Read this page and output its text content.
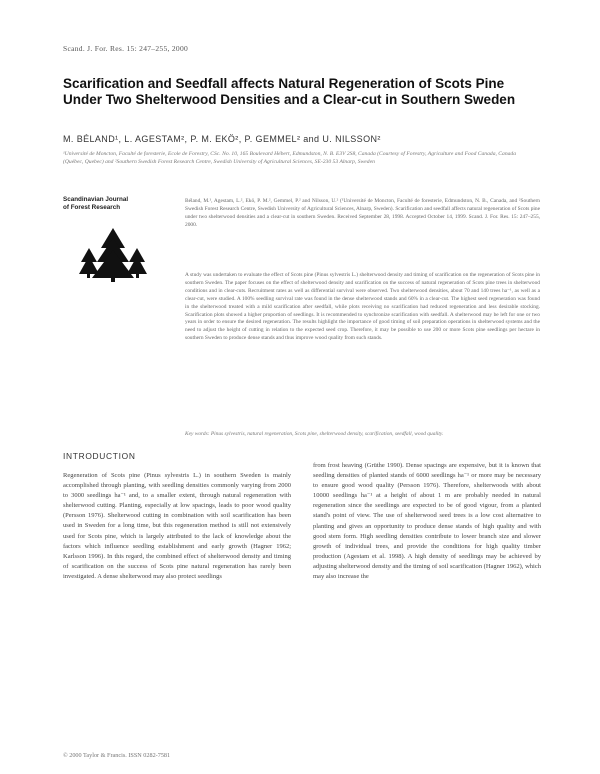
Scand. J. For. Res. 15: 247–255, 2000
Scarification and Seedfall affects Natural Regeneration of Scots Pine Under Two Shelterwood Densities and a Clear-cut in Southern Sweden
M. BÉLAND¹, L. AGESTAM², P. M. EKÖ², P. GEMMEL² and U. NILSSON²
¹Université de Moncton, Faculté de foresterie, Ecole de Forestry, CSc. No. 10, 165 Boulevard Hébert, Edmundston, N. B. E3V 2S8, Canada (Courtesy of Forestry, Agriculture and Food Canada, Canada (Québec, Quebec) and ²Southern Swedish Forest Research Centre, Swedish University of Agricultural Sciences, SE-230 53 Alnarp, Sweden
Scandinavian Journal
of Forest Research
Béland, M.¹, Agestam, L.², Ekö, P. M.², Gemmel, P.² and Nilsson, U.² (¹Université de Moncton, Faculté de foresterie, Edmundston, N. B., Canada, and ²Southern Swedish Forest Research Centre, Swedish University of Agricultural Sciences, Alnarp, Sweden). Scarification and seedfall affects natural regeneration of Scots pine under two shelterwood densities and a clear-cut in southern Sweden. Received September 28, 1998. Accepted October 14, 1999. Scand. J. For. Res. 15: 247–255, 2000.
A study was undertaken to evaluate the effect of Scots pine (Pinus sylvestris L.) shelterwood density and timing of scarification on the regeneration of Scots pine in southern Sweden. The paper focuses on the effect of shelterwood density and scarification on the success of natural regeneration of Scots pine trees in shelterwood conditions and in clear-cuts. Recruitment rates as well as differential survival were observed. Two shelterwood densities, about 70 and 140 trees ha⁻¹, as well as a clear-cut, were studied. A 100% seedling survival rate was found in the dense shelterwood stands and 60% in a clear-cut. The highest seed regeneration was found in the shelterwood treated with a mild scarification after seedfall, while plots receiving no scarification had reduced regeneration and less desirable stocking. Scarification plots showed a higher proportion of seedlings. It is recommended to synchronize scarification with seedfall. A shelterwood may be left for one or two years in order to ensure the desired regeneration. The results highlight the importance of good timing of soil preparation operations in shelterwood systems and the need to adjust the height of cutting in relation to the expected seed crop. Therefore, it may be possible to use 200 or more Scots pine seedlings per hectare in southern Sweden to produce dense stands and thus improve wood quality from such stands.
Key words: Pinus sylvestris, natural regeneration, Scots pine, shelterwood density, scarification, seedfall, wood quality.
INTRODUCTION

Regeneration of Scots pine (Pinus sylvestris L.) in southern Sweden is mainly accomplished through planting, with seedling densities commonly varying from 2000 to 3000 seedlings ha⁻¹ and, to a smaller extent, through natural regeneration with shelterwood cutting. Planting, especially at low spacings, leads to poor wood quality (Persson 1976). Shelterwood cutting in combination with soil scarification has been used in Sweden for a long time, but this regeneration method is still not extensively used for Scots pine, which is largely attributed to the lack of knowledge about the factors which influence seedling establishment and early growth (Hagner 1962; Karlsson 1996). In this regard, the combined effect of shelterwood density and timing of scarification on the success of Scots pine natural regeneration has rarely been investigated. A dense shelterwood may also protect seedlings

from frost heaving (Grüthe 1990). Dense spacings are expensive, but it is known that seedling densities of planted stands of 6000 seedlings ha⁻¹ or more may be necessary to ensure good wood quality (Persson 1976). Therefore, shelterwoods with about 10000 seedlings ha⁻¹ at a height of about 1 m are probably needed in natural regeneration since the seedlings are expected to be of good vigour, from a planted stand's point of view. The use of shelterwood seed trees is a low cost alternative to planting and gives an opportunity to produce dense stands of high quality and with good stem form. High seedling densities contribute to lower branch size and slower growth of individual trees, and provide the conditions for high quality timber production (Agestam et al. 1998). A high density of seedlings may be achieved by adjusting shelterwood density and the timing of soil scarification (Hagner 1962), which may also increase the

© 2000 Taylor & Francis. ISSN 0282-7581
